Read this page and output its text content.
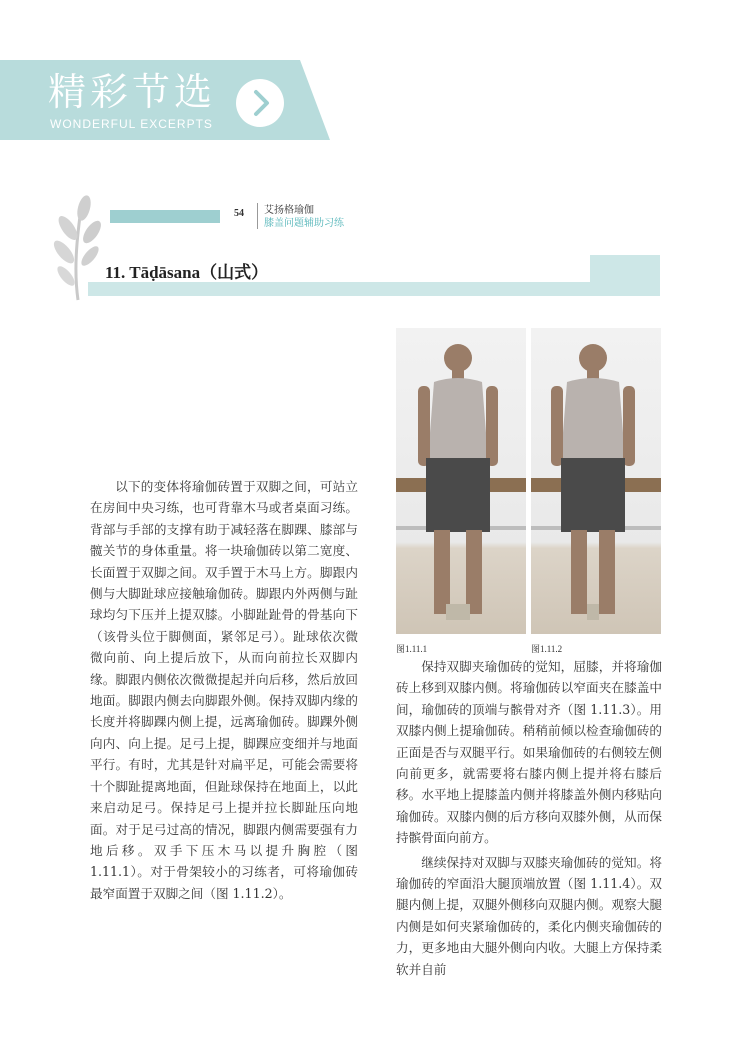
精彩节选
WONDERFUL EXCERPTS
54 艾扬格瑜伽
膝盖问题辅助习练
11. Tāḍāsana（山式）
以下的变体将瑜伽砖置于双脚之间，可站立在房间中央习练，也可背靠木马或者桌面习练。背部与手部的支撑有助于减轻落在脚踝、膝部与髋关节的身体重量。将一块瑜伽砖以第二宽度、长面置于双脚之间。双手置于木马上方。脚跟内侧与大脚趾球应接触瑜伽砖。脚跟内外两侧与趾球均匀下压并上提双膝。小脚趾趾骨的骨基向下（该骨头位于脚侧面，紧邻足弓）。趾球依次微微向前、向上提后放下，从而向前拉长双脚内缘。脚跟内侧依次微微提起并向后移，然后放回地面。脚跟内侧去向脚跟外侧。保持双脚内缘的长度并将脚踝内侧上提，远离瑜伽砖。脚踝外侧向内、向上提。足弓上提，脚踝应变细并与地面平行。有时，尤其是针对扁平足，可能会需要将十个脚趾提离地面，但趾球保持在地面上，以此来启动足弓。保持足弓上提并拉长脚趾压向地面。对于足弓过高的情况，脚跟内侧需要强有力地后移。双手下压木马以提升胸腔（图 1.11.1）。对于骨架较小的习练者，可将瑜伽砖最窄面置于双脚之间（图 1.11.2）。
图1.11.1	图1.11.2

保持双脚夹瑜伽砖的觉知，屈膝，并将瑜伽砖上移到双膝内侧。将瑜伽砖以窄面夹在膝盖中间，瑜伽砖的顶端与髌骨对齐（图 1.11.3）。用双膝内侧上提瑜伽砖。稍稍前倾以检查瑜伽砖的正面是否与双腿平行。如果瑜伽砖的右侧较左侧向前更多，就需要将右膝内侧上提并将右膝后移。水平地上提膝盖内侧并将膝盖外侧内移贴向瑜伽砖。双膝内侧的后方移向双膝外侧，从而保持髌骨面向前方。

继续保持对双脚与双膝夹瑜伽砖的觉知。将瑜伽砖的窄面沿大腿顶端放置（图 1.11.4）。双腿内侧上提，双腿外侧移向双腿内侧。观察大腿内侧是如何夹紧瑜伽砖的，柔化内侧夹瑜伽砖的力，更多地由大腿外侧向内收。大腿上方保持柔软并自前
